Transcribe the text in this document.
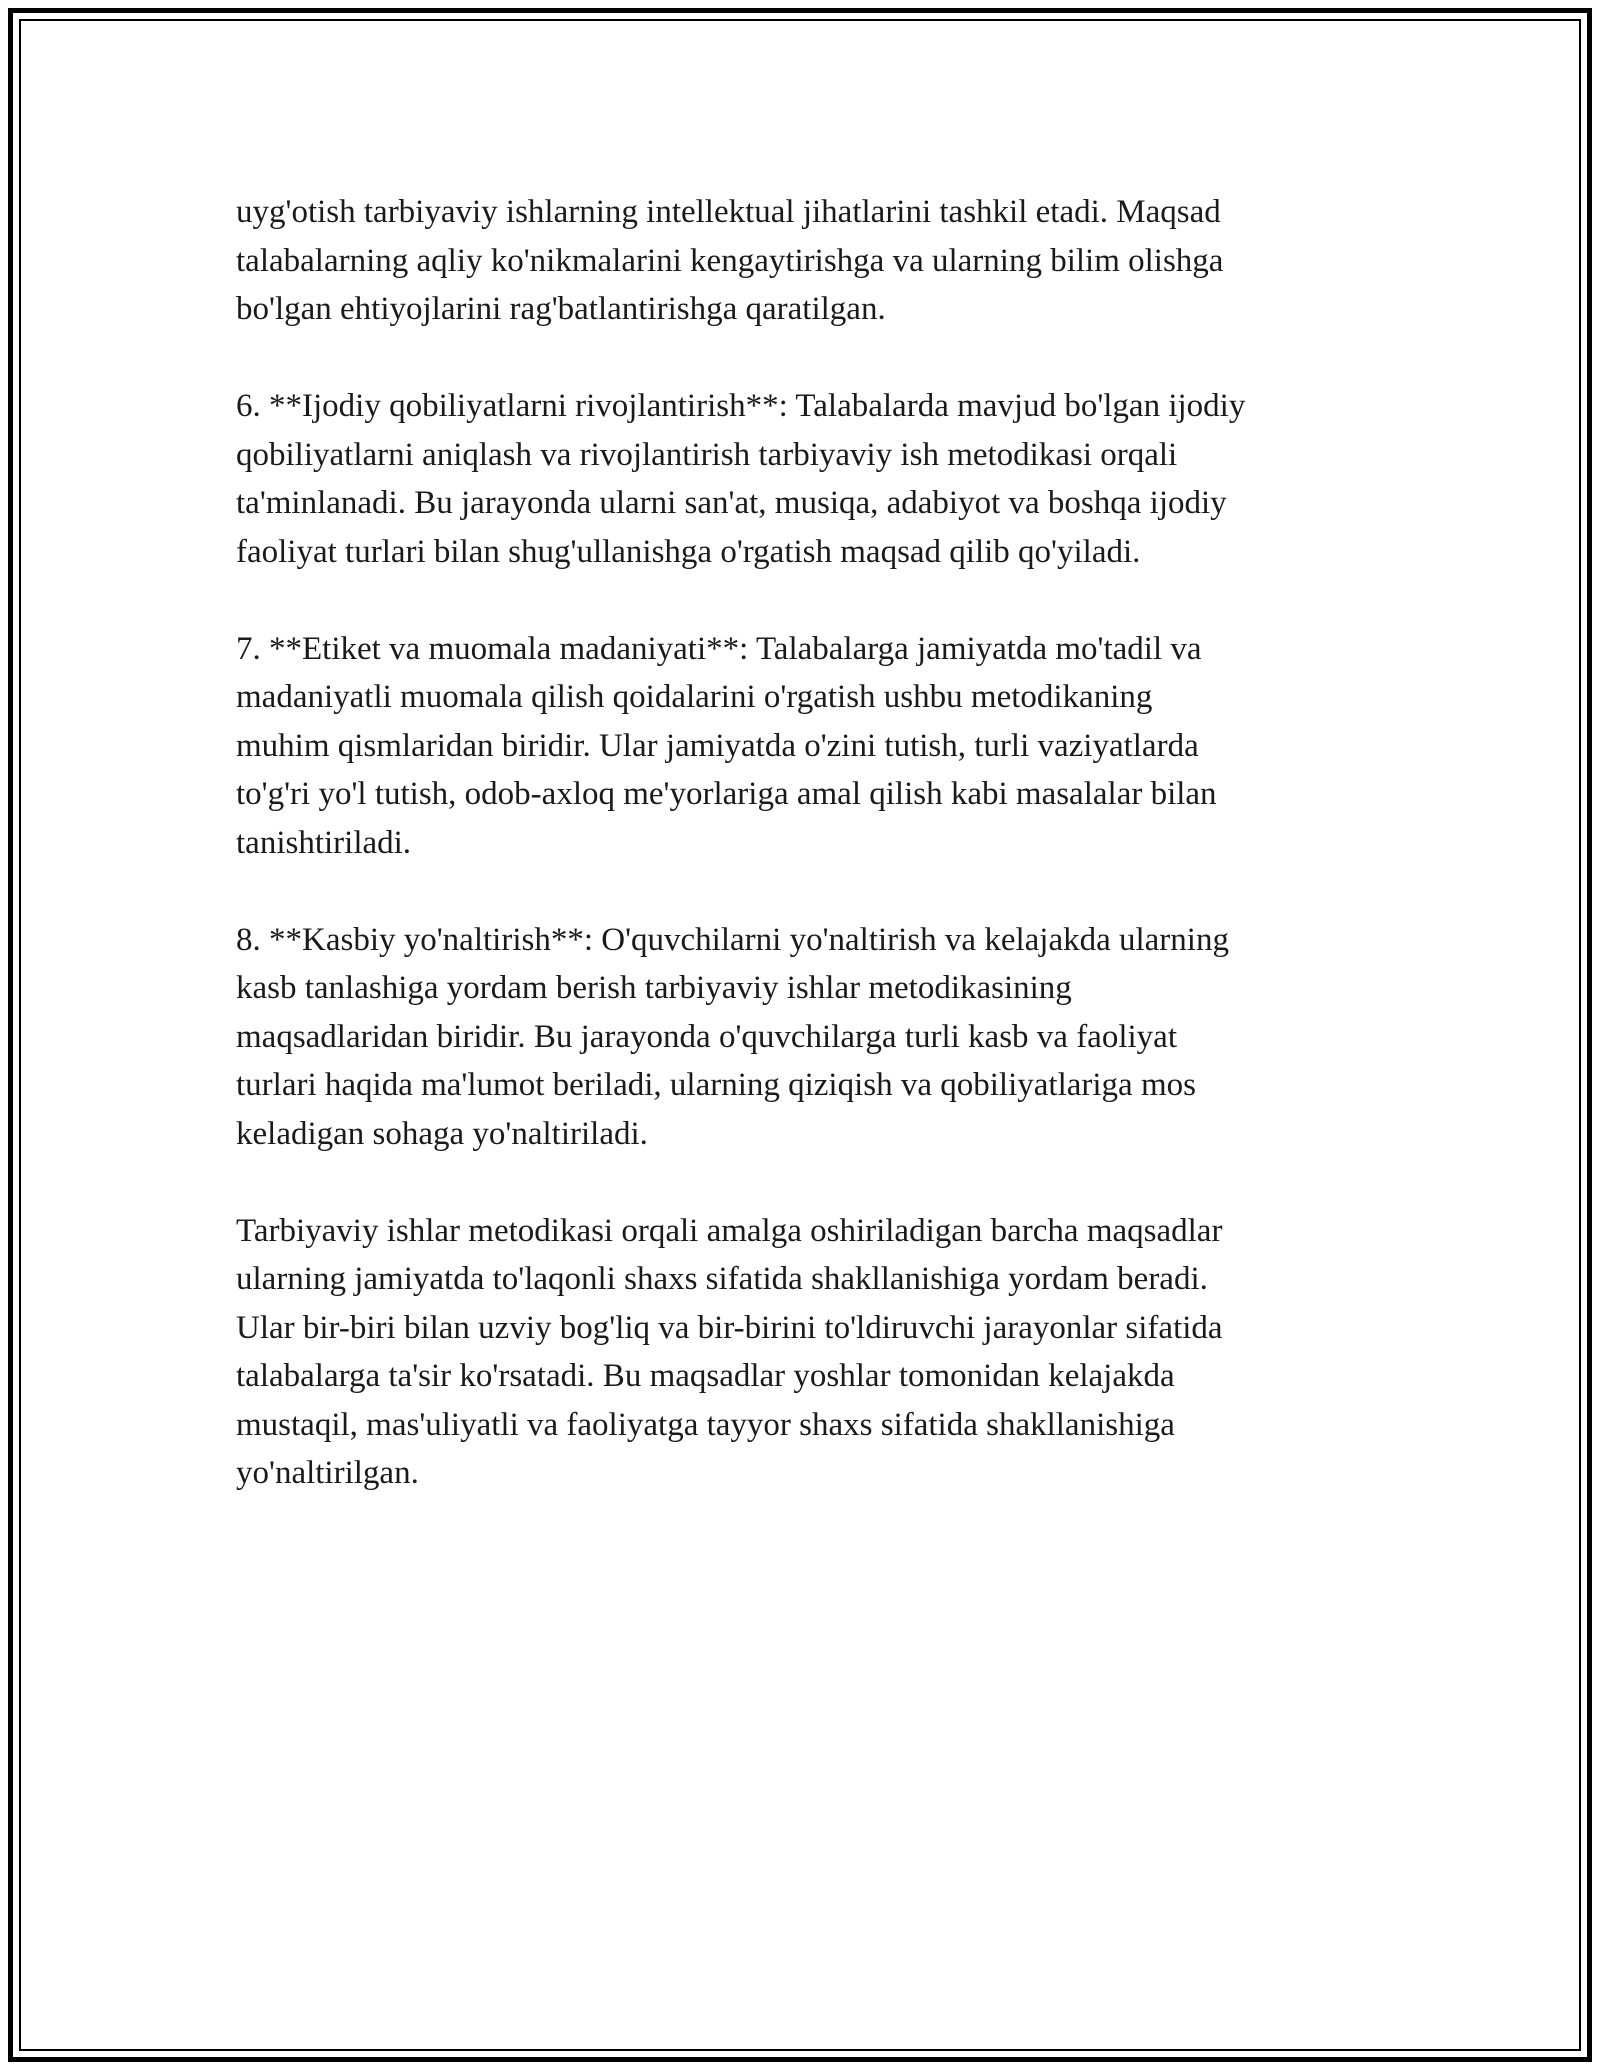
uyg'otish tarbiyaviy ishlarning intellektual jihatlarini tashkil etadi. Maqsad
talabalarning aqliy ko'nikmalarini kengaytirishga va ularning bilim olishga
bo'lgan ehtiyojlarini rag'batlantirishga qaratilgan.

6. **Ijodiy qobiliyatlarni rivojlantirish**: Talabalarda mavjud bo'lgan ijodiy
qobiliyatlarni aniqlash va rivojlantirish tarbiyaviy ish metodikasi orqali
ta'minlanadi. Bu jarayonda ularni san'at, musiqa, adabiyot va boshqa ijodiy
faoliyat turlari bilan shug'ullanishga o'rgatish maqsad qilib qo'yiladi.

7. **Etiket va muomala madaniyati**: Talabalarga jamiyatda mo'tadil va
madaniyatli muomala qilish qoidalarini o'rgatish ushbu metodikaning
muhim qismlaridan biridir. Ular jamiyatda o'zini tutish, turli vaziyatlarda
to'g'ri yo'l tutish, odob-axloq me'yorlariga amal qilish kabi masalalar bilan
tanishtiriladi.

8. **Kasbiy yo'naltirish**: O'quvchilarni yo'naltirish va kelajakda ularning
kasb tanlashiga yordam berish tarbiyaviy ishlar metodikasining
maqsadlaridan biridir. Bu jarayonda o'quvchilarga turli kasb va faoliyat
turlari haqida ma'lumot beriladi, ularning qiziqish va qobiliyatlariga mos
keladigan sohaga yo'naltiriladi.

Tarbiyaviy ishlar metodikasi orqali amalga oshiriladigan barcha maqsadlar
ularning jamiyatda to'laqonli shaxs sifatida shakllanishiga yordam beradi.
Ular bir-biri bilan uzviy bog'liq va bir-birini to'ldiruvchi jarayonlar sifatida
talabalarga ta'sir ko'rsatadi. Bu maqsadlar yoshlar tomonidan kelajakda
mustaqil, mas'uliyatli va faoliyatga tayyor shaxs sifatida shakllanishiga
yo'naltirilgan.
